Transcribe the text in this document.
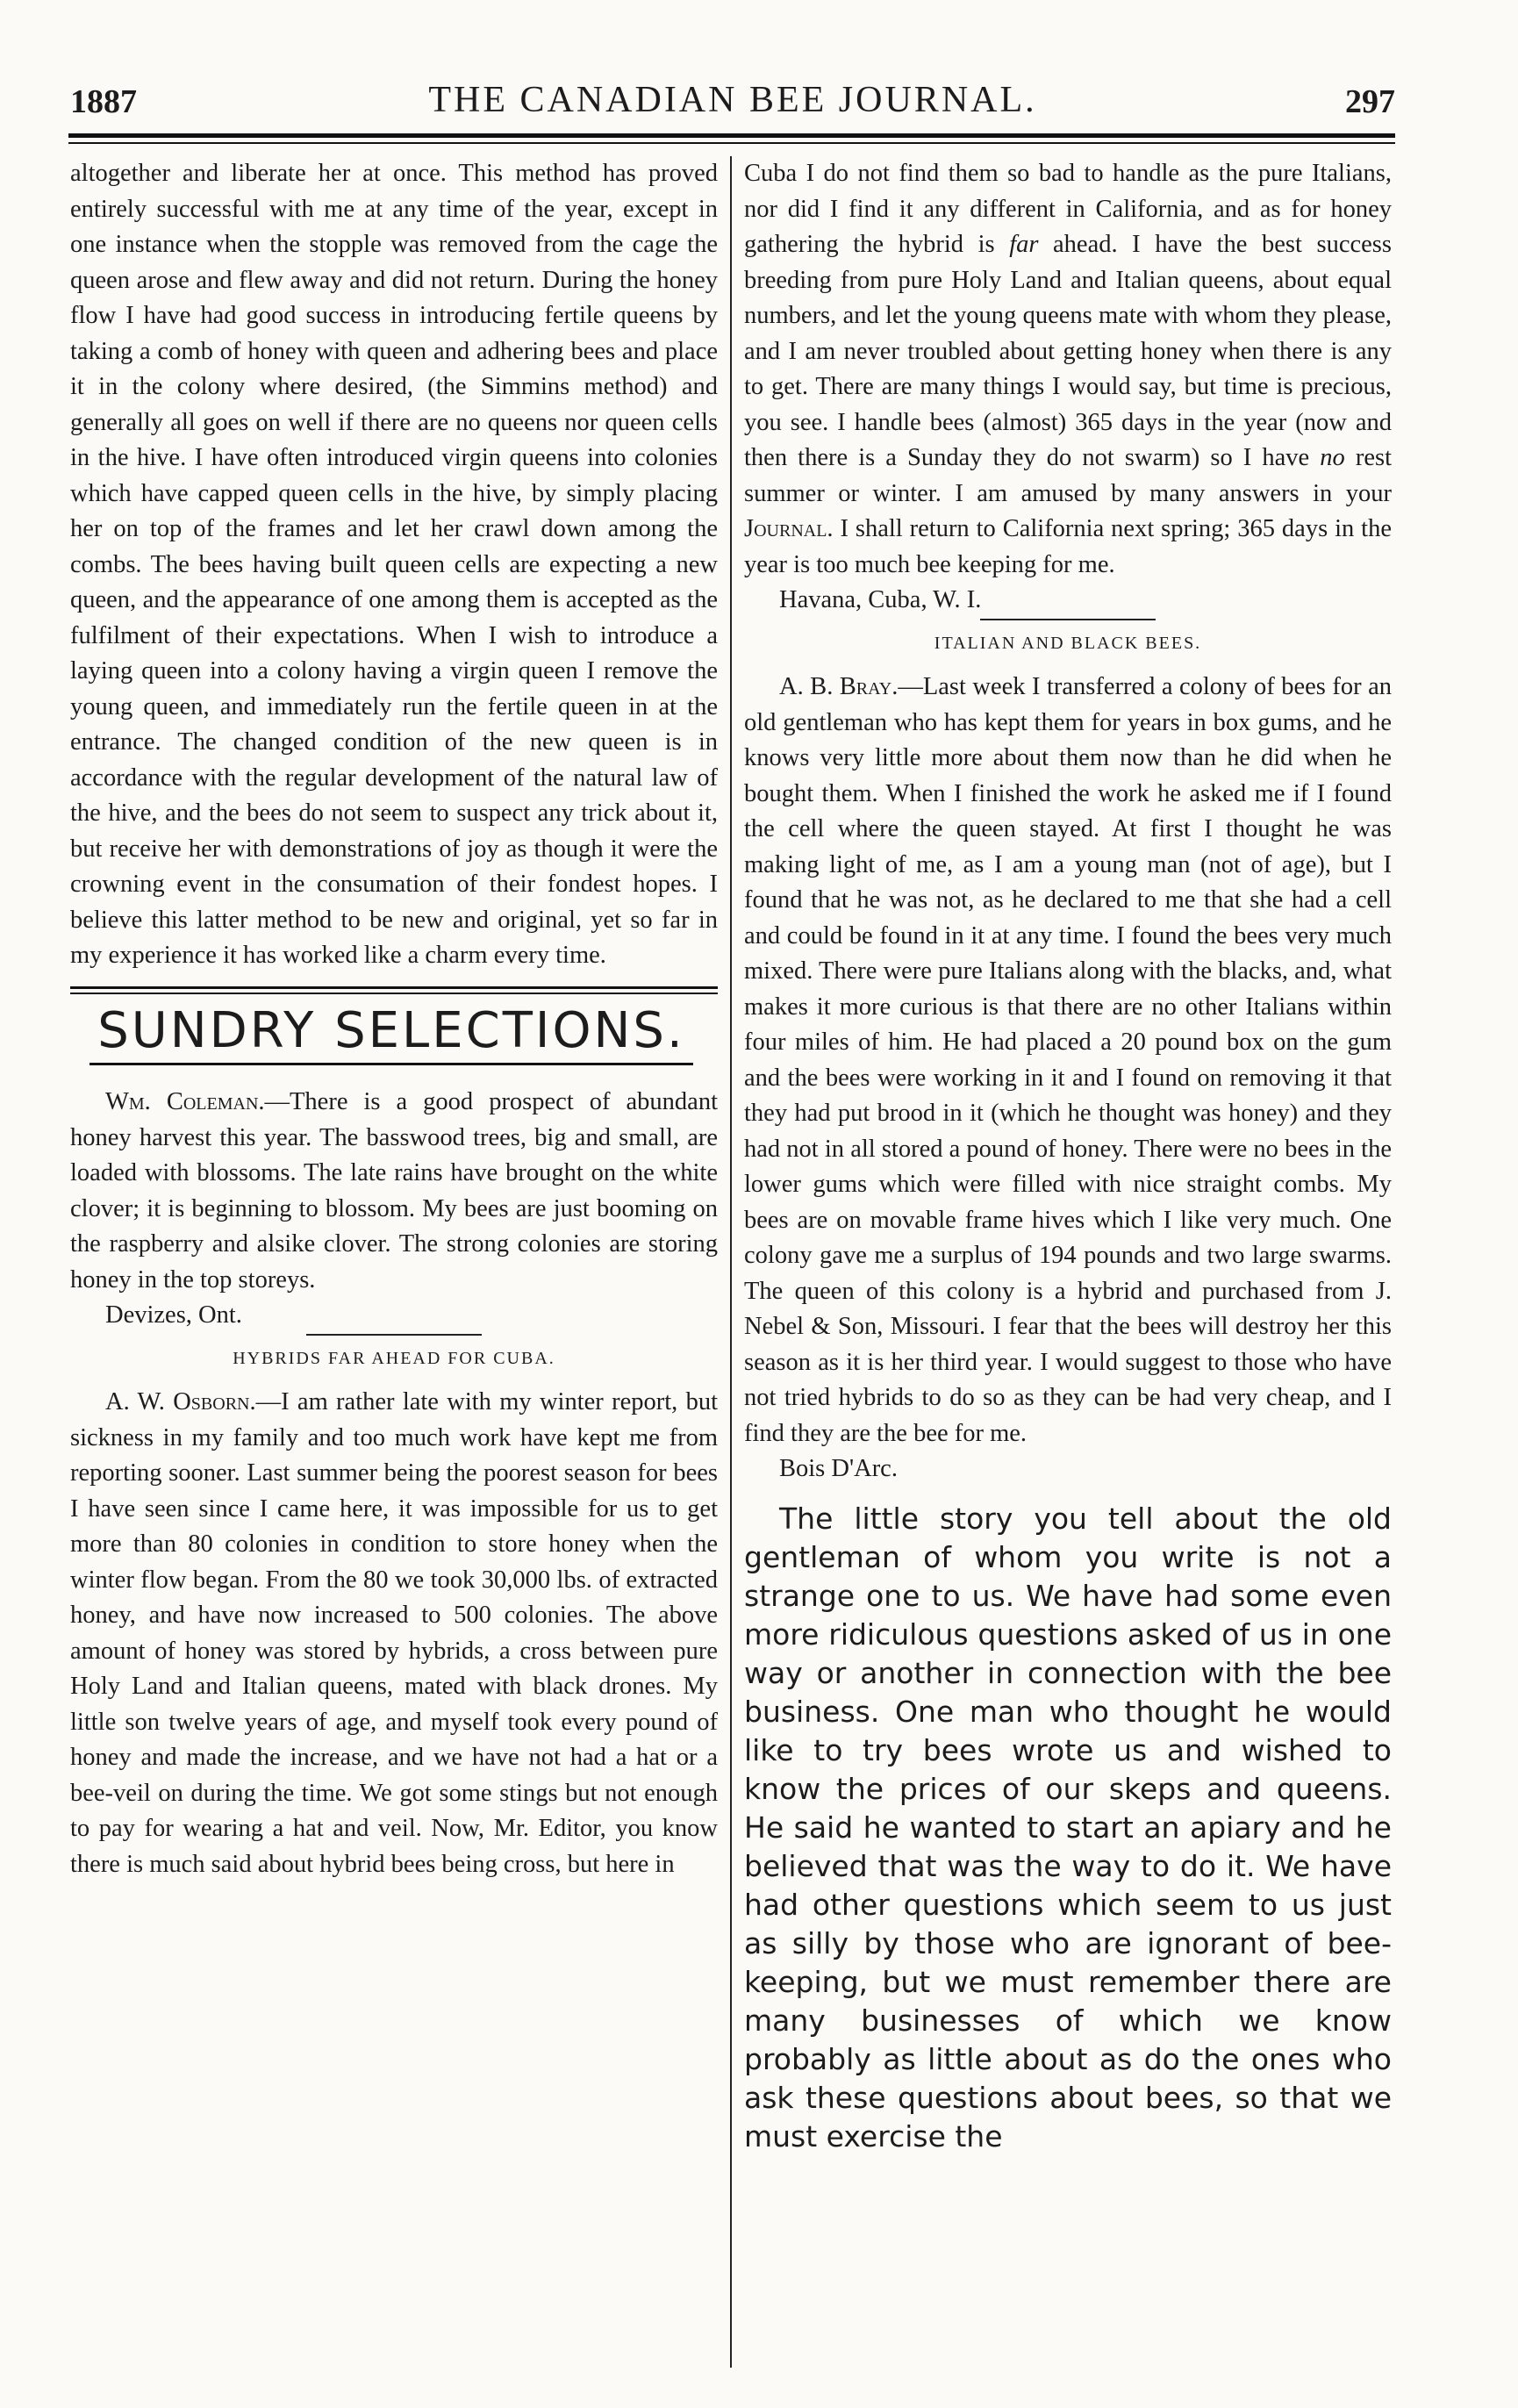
1887	THE CANADIAN BEE JOURNAL.	297

altogether and liberate her at once. This method has proved entirely successful with me at any time of the year, except in one instance when the stopple was removed from the cage the queen arose and flew away and did not return. During the honey flow I have had good success in introducing fertile queens by taking a comb of honey with queen and adhering bees and place it in the colony where desired, (the Simmins method) and generally all goes on well if there are no queens nor queen cells in the hive. I have often introduced virgin queens into colonies which have capped queen cells in the hive, by simply placing her on top of the frames and let her crawl down among the combs. The bees having built queen cells are expecting a new queen, and the appearance of one among them is accepted as the fulfilment of their expectations. When I wish to introduce a laying queen into a colony having a virgin queen I remove the young queen, and immediately run the fertile queen in at the entrance. The changed condition of the new queen is in accordance with the regular development of the natural law of the hive, and the bees do not seem to suspect any trick about it, but receive her with demonstrations of joy as though it were the crowning event in the consumation of their fondest hopes. I believe this latter method to be new and original, yet so far in my experience it has worked like a charm every time.

SUNDRY SELECTIONS.

Wm. Coleman.—There is a good prospect of abundant honey harvest this year. The basswood trees, big and small, are loaded with blossoms. The late rains have brought on the white clover; it is beginning to blossom. My bees are just booming on the raspberry and alsike clover. The strong colonies are storing honey in the top storeys.

Devizes, Ont.

HYBRIDS FAR AHEAD FOR CUBA.

A. W. Osborn.—I am rather late with my winter report, but sickness in my family and too much work have kept me from reporting sooner. Last summer being the poorest season for bees I have seen since I came here, it was impossible for us to get more than 80 colonies in condition to store honey when the winter flow began. From the 80 we took 30,000 lbs. of extracted honey, and have now increased to 500 colonies. The above amount of honey was stored by hybrids, a cross between pure Holy Land and Italian queens, mated with black drones. My little son twelve years of age, and myself took every pound of honey and made the increase, and we have not had a hat or a bee-veil on during the time. We got some stings but not enough to pay for wearing a hat and veil. Now, Mr. Editor, you know there is much said about hybrid bees being cross, but here in

Cuba I do not find them so bad to handle as the pure Italians, nor did I find it any different in California, and as for honey gathering the hybrid is far ahead. I have the best success breeding from pure Holy Land and Italian queens, about equal numbers, and let the young queens mate with whom they please, and I am never troubled about getting honey when there is any to get. There are many things I would say, but time is precious, you see. I handle bees (almost) 365 days in the year (now and then there is a Sunday they do not swarm) so I have no rest summer or winter. I am amused by many answers in your Journal. I shall return to California next spring; 365 days in the year is too much bee keeping for me.

Havana, Cuba, W. I.

ITALIAN AND BLACK BEES.

A. B. Bray.—Last week I transferred a colony of bees for an old gentleman who has kept them for years in box gums, and he knows very little more about them now than he did when he bought them. When I finished the work he asked me if I found the cell where the queen stayed. At first I thought he was making light of me, as I am a young man (not of age), but I found that he was not, as he declared to me that she had a cell and could be found in it at any time. I found the bees very much mixed. There were pure Italians along with the blacks, and, what makes it more curious is that there are no other Italians within four miles of him. He had placed a 20 pound box on the gum and the bees were working in it and I found on removing it that they had put brood in it (which he thought was honey) and they had not in all stored a pound of honey. There were no bees in the lower gums which were filled with nice straight combs. My bees are on movable frame hives which I like very much. One colony gave me a surplus of 194 pounds and two large swarms. The queen of this colony is a hybrid and purchased from J. Nebel & Son, Missouri. I fear that the bees will destroy her this season as it is her third year. I would suggest to those who have not tried hybrids to do so as they can be had very cheap, and I find they are the bee for me.

Bois D'Arc.

The little story you tell about the old gentleman of whom you write is not a strange one to us. We have had some even more ridiculous questions asked of us in one way or another in connection with the bee business. One man who thought he would like to try bees wrote us and wished to know the prices of our skeps and queens. He said he wanted to start an apiary and he believed that was the way to do it. We have had other questions which seem to us just as silly by those who are ignorant of bee-keeping, but we must remember there are many businesses of which we know probably as little about as do the ones who ask these questions about bees, so that we must exercise the
